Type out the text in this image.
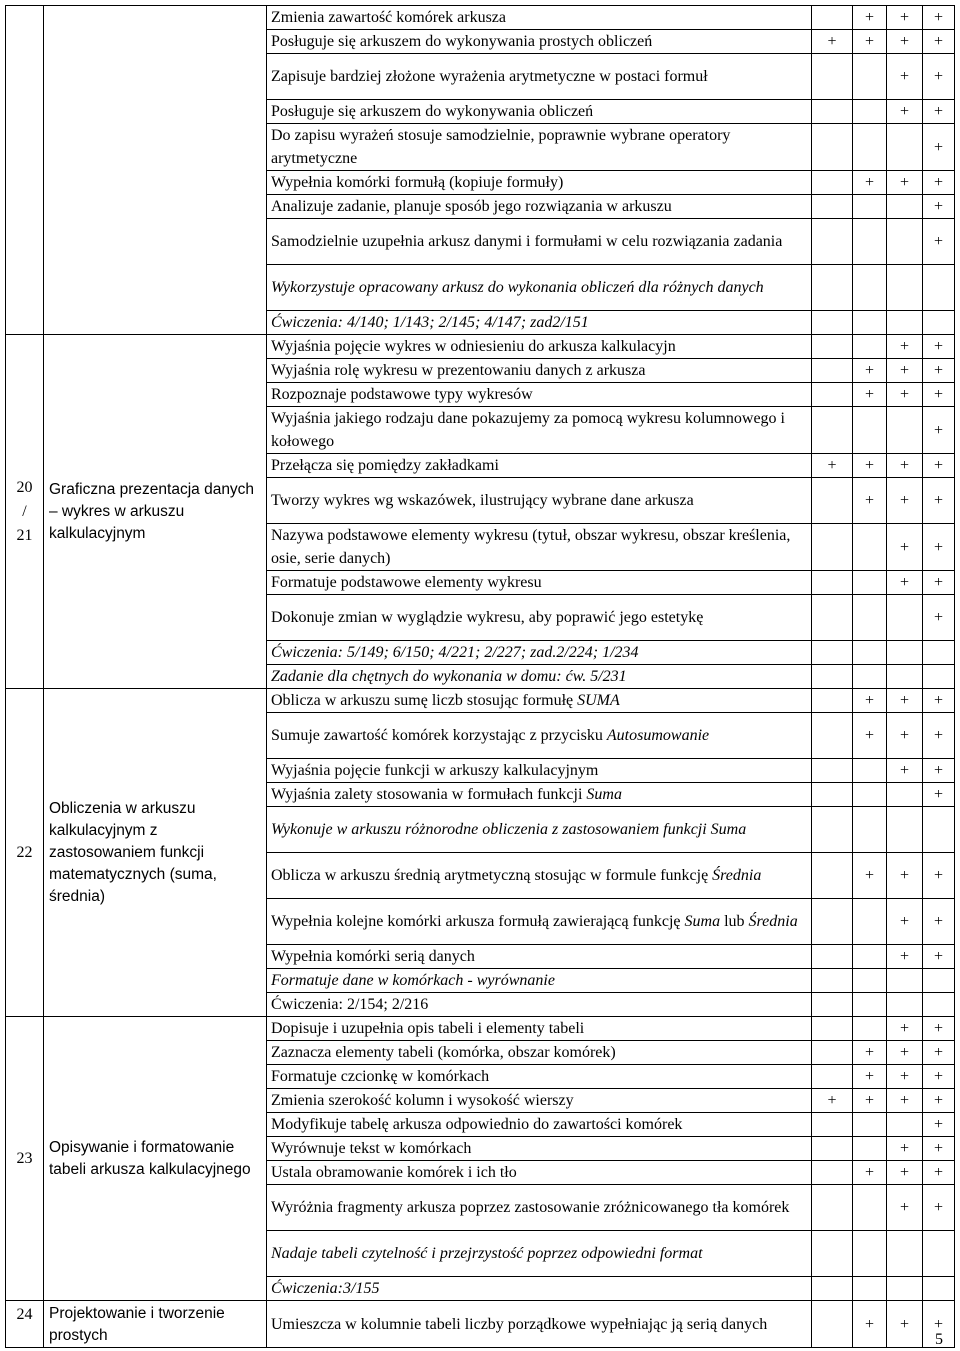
		Zmienia zawartość komórek arkusza		+	+	+
		Posługuje się arkuszem do wykonywania prostych obliczeń	+	+	+	+
		Zapisuje bardziej złożone wyrażenia arytmetyczne w postaci formuł			+	+
		Posługuje się arkuszem do wykonywania obliczeń			+	+
		Do zapisu wyrażeń stosuje samodzielnie, poprawnie wybrane operatory arytmetyczne				+
		Wypełnia komórki formułą (kopiuje formuły)		+	+	+
		Analizuje zadanie, planuje sposób jego rozwiązania w arkuszu				+
		Samodzielnie uzupełnia arkusz danymi i formułami w celu rozwiązania zadania				+
		Wykorzystuje opracowany arkusz do wykonania obliczeń dla różnych danych				
		Ćwiczenia: 4/140; 1/143; 2/145; 4/147; zad2/151				
20 / 21	Graficzna prezentacja danych – wykres w arkuszu kalkulacyjnym	Wyjaśnia pojęcie wykres w odniesieniu do arkusza kalkulacyjn			+	+
		Wyjaśnia rolę wykresu w prezentowaniu danych z arkusza		+	+	+
		Rozpoznaje podstawowe typy wykresów		+	+	+
		Wyjaśnia jakiego rodzaju dane pokazujemy za pomocą wykresu kolumnowego i kołowego				+
		Przełącza się pomiędzy zakładkami	+	+	+	+
		Tworzy wykres wg wskazówek, ilustrujący wybrane dane arkusza		+	+	+
		Nazywa podstawowe elementy wykresu (tytuł, obszar wykresu, obszar kreślenia, osie, serie danych)			+	+
		Formatuje podstawowe elementy wykresu			+	+
		Dokonuje zmian w wyglądzie wykresu, aby poprawić jego estetykę				+
		Ćwiczenia: 5/149; 6/150; 4/221; 2/227; zad.2/224; 1/234				
		Zadanie dla chętnych do wykonania w domu: ćw. 5/231				
22	Obliczenia w arkuszu kalkulacyjnym z zastosowaniem funkcji matematycznych (suma, średnia)	Oblicza w arkuszu sumę liczb stosując formułę SUMA		+	+	+
		Sumuje zawartość komórek korzystając z przycisku Autosumowanie		+	+	+
		Wyjaśnia pojęcie funkcji w arkuszy kalkulacyjnym			+	+
		Wyjaśnia zalety stosowania w formułach funkcji Suma				+
		Wykonuje w arkuszu różnorodne obliczenia z zastosowaniem funkcji Suma				
		Oblicza w arkuszu średnią arytmetyczną stosując w formule funkcję Średnia		+	+	+
		Wypełnia kolejne komórki arkusza formułą zawierającą funkcję Suma lub Średnia			+	+
		Wypełnia komórki serią danych			+	+
		Formatuje dane w komórkach - wyrównanie				
		Ćwiczenia: 2/154; 2/216				
23	Opisywanie i formatowanie tabeli arkusza kalkulacyjnego	Dopisuje i uzupełnia opis tabeli i elementy tabeli			+	+
		Zaznacza elementy tabeli (komórka, obszar komórek)		+	+	+
		Formatuje czcionkę w komórkach		+	+	+
		Zmienia szerokość kolumn i wysokość wierszy	+	+	+	+
		Modyfikuje tabelę arkusza odpowiednio do zawartości komórek				+
		Wyrównuje tekst w komórkach			+	+
		Ustala obramowanie komórek i ich tło		+	+	+
		Wyróżnia fragmenty arkusza poprzez zastosowanie zróżnicowanego tła komórek			+	+
		Nadaje tabeli czytelność i przejrzystość poprzez odpowiedni format				
		Ćwiczenia:3/155				
24	Projektowanie i tworzenie prostych	Umieszcza w kolumnie tabeli liczby porządkowe wypełniając ją serią danych		+	+	+
5
